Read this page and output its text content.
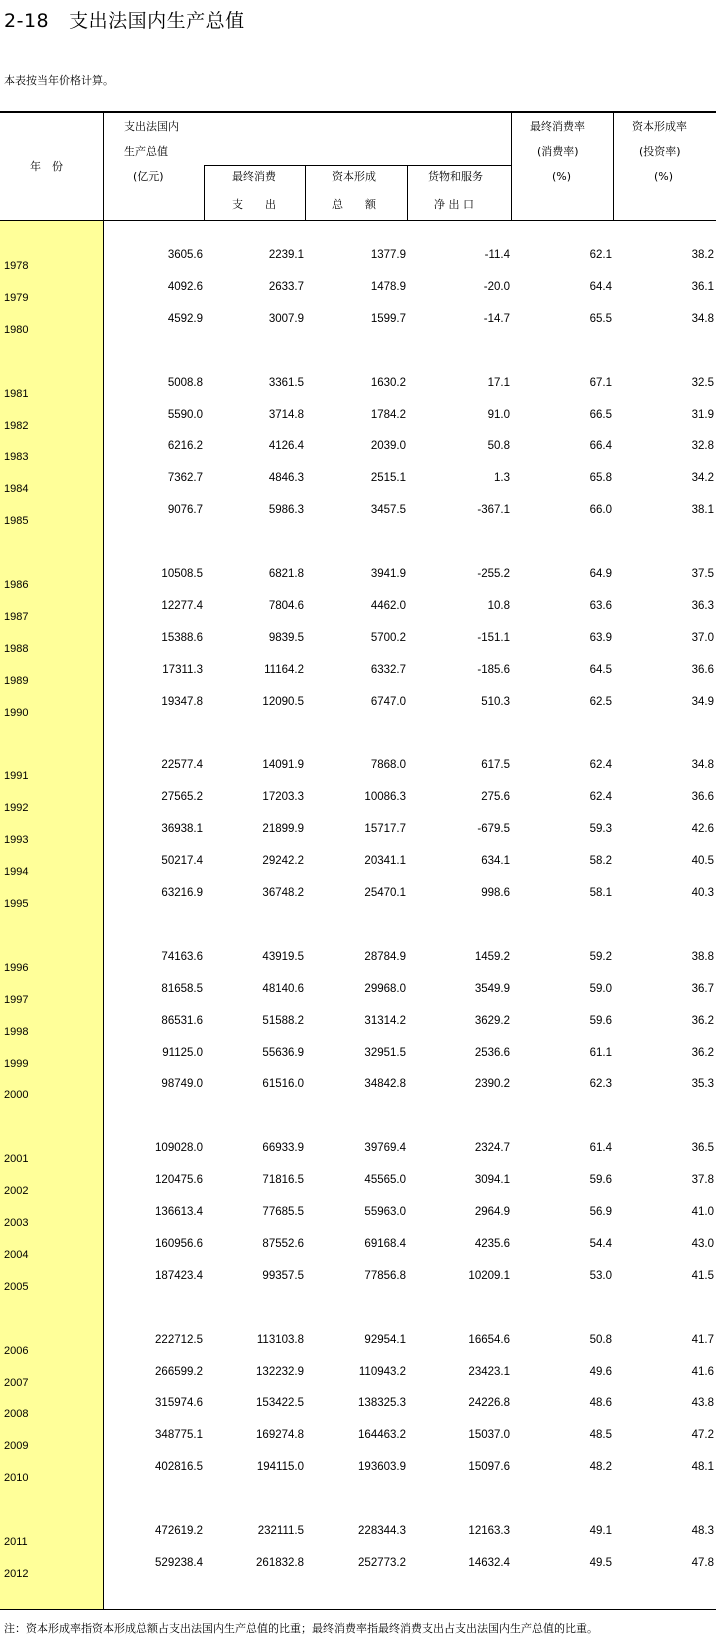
2-18 支出法国内生产总值
本表按当年价格计算。
年　份
支出法国内
生产总值
(亿元)	最终消费
支　　出
资本形成
总　　额
货物和服务
净 出 口
最终消费率
(消费率)
(%)
资本形成率
(投资率)
(%)
1978
3605.6	2239.1	1377.9	-11.4	62.1	38.2
1979
4092.6	2633.7	1478.9	-20.0	64.4	36.1
1980
4592.9	3007.9	1599.7	-14.7	65.5	34.8
1981
5008.8	3361.5	1630.2	17.1	67.1	32.5
1982
5590.0	3714.8	1784.2	91.0	66.5	31.9
1983
6216.2	4126.4	2039.0	50.8	66.4	32.8
1984
7362.7	4846.3	2515.1	1.3	65.8	34.2
1985
9076.7	5986.3	3457.5	-367.1	66.0	38.1
1986
10508.5	6821.8	3941.9	-255.2	64.9	37.5
1987
12277.4	7804.6	4462.0	10.8	63.6	36.3
1988
15388.6	9839.5	5700.2	-151.1	63.9	37.0
1989
17311.3	11164.2	6332.7	-185.6	64.5	36.6
1990
19347.8	12090.5	6747.0	510.3	62.5	34.9
1991
22577.4	14091.9	7868.0	617.5	62.4	34.8
1992
27565.2	17203.3	10086.3	275.6	62.4	36.6
1993
36938.1	21899.9	15717.7	-679.5	59.3	42.6
1994
50217.4	29242.2	20341.1	634.1	58.2	40.5
1995
63216.9	36748.2	25470.1	998.6	58.1	40.3
1996
74163.6	43919.5	28784.9	1459.2	59.2	38.8
1997
81658.5	48140.6	29968.0	3549.9	59.0	36.7
1998
86531.6	51588.2	31314.2	3629.2	59.6	36.2
1999
91125.0	55636.9	32951.5	2536.6	61.1	36.2
2000
98749.0	61516.0	34842.8	2390.2	62.3	35.3
2001
109028.0	66933.9	39769.4	2324.7	61.4	36.5
2002
120475.6	71816.5	45565.0	3094.1	59.6	37.8
2003
136613.4	77685.5	55963.0	2964.9	56.9	41.0
2004
160956.6	87552.6	69168.4	4235.6	54.4	43.0
2005
187423.4	99357.5	77856.8	10209.1	53.0	41.5
2006
222712.5	113103.8	92954.1	16654.6	50.8	41.7
2007
266599.2	132232.9	110943.2	23423.1	49.6	41.6
2008
315974.6	153422.5	138325.3	24226.8	48.6	43.8
2009
348775.1	169274.8	164463.2	15037.0	48.5	47.2
2010
402816.5	194115.0	193603.9	15097.6	48.2	48.1
2011
472619.2	232111.5	228344.3	12163.3	49.1	48.3
2012
529238.4	261832.8	252773.2	14632.4	49.5	47.8
注：资本形成率指资本形成总额占支出法国内生产总值的比重；最终消费率指最终消费支出占支出法国内生产总值的比重。
